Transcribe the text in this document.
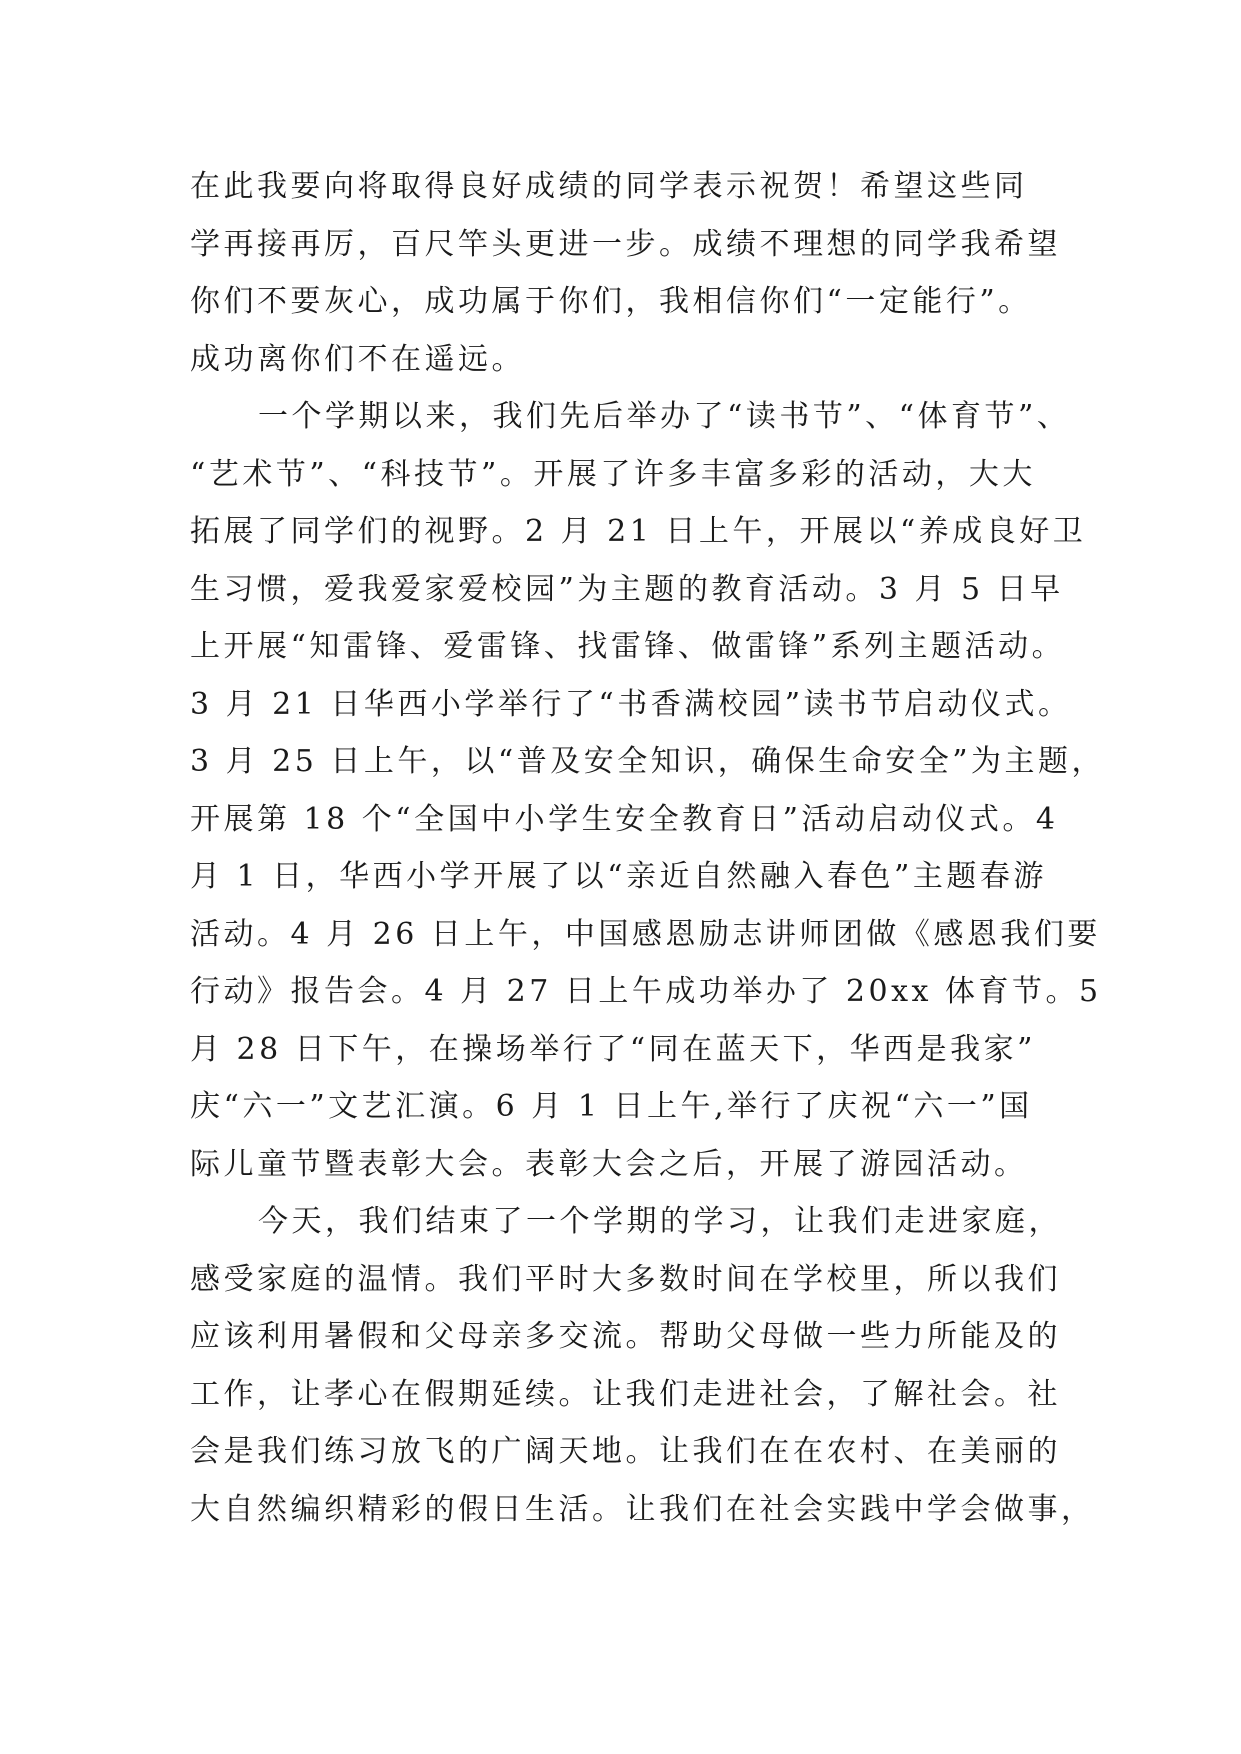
在此我要向将取得良好成绩的同学表示祝贺！希望这些同
学再接再厉，百尺竿头更进一步。成绩不理想的同学我希望
你们不要灰心，成功属于你们，我相信你们“一定能行”。
成功离你们不在遥远。
一个学期以来，我们先后举办了“读书节”、“体育节”、
“艺术节”、“科技节”。开展了许多丰富多彩的活动，大大
拓展了同学们的视野。2 月 21 日上午，开展以“养成良好卫
生习惯，爱我爱家爱校园”为主题的教育活动。3 月 5 日早
上开展“知雷锋、爱雷锋、找雷锋、做雷锋”系列主题活动。
3 月 21 日华西小学举行了“书香满校园”读书节启动仪式。
3 月 25 日上午，以“普及安全知识，确保生命安全”为主题，
开展第 18 个“全国中小学生安全教育日”活动启动仪式。4
月 1 日，华西小学开展了以“亲近自然融入春色”主题春游
活动。4 月 26 日上午，中国感恩励志讲师团做《感恩我们要
行动》报告会。4 月 27 日上午成功举办了 20xx 体育节。5
月 28 日下午，在操场举行了“同在蓝天下，华西是我家”
庆“六一”文艺汇演。6 月 1 日上午,举行了庆祝“六一”国
际儿童节暨表彰大会。表彰大会之后，开展了游园活动。
今天，我们结束了一个学期的学习，让我们走进家庭，
感受家庭的温情。我们平时大多数时间在学校里，所以我们
应该利用暑假和父母亲多交流。帮助父母做一些力所能及的
工作，让孝心在假期延续。让我们走进社会，了解社会。社
会是我们练习放飞的广阔天地。让我们在在农村、在美丽的
大自然编织精彩的假日生活。让我们在社会实践中学会做事，
